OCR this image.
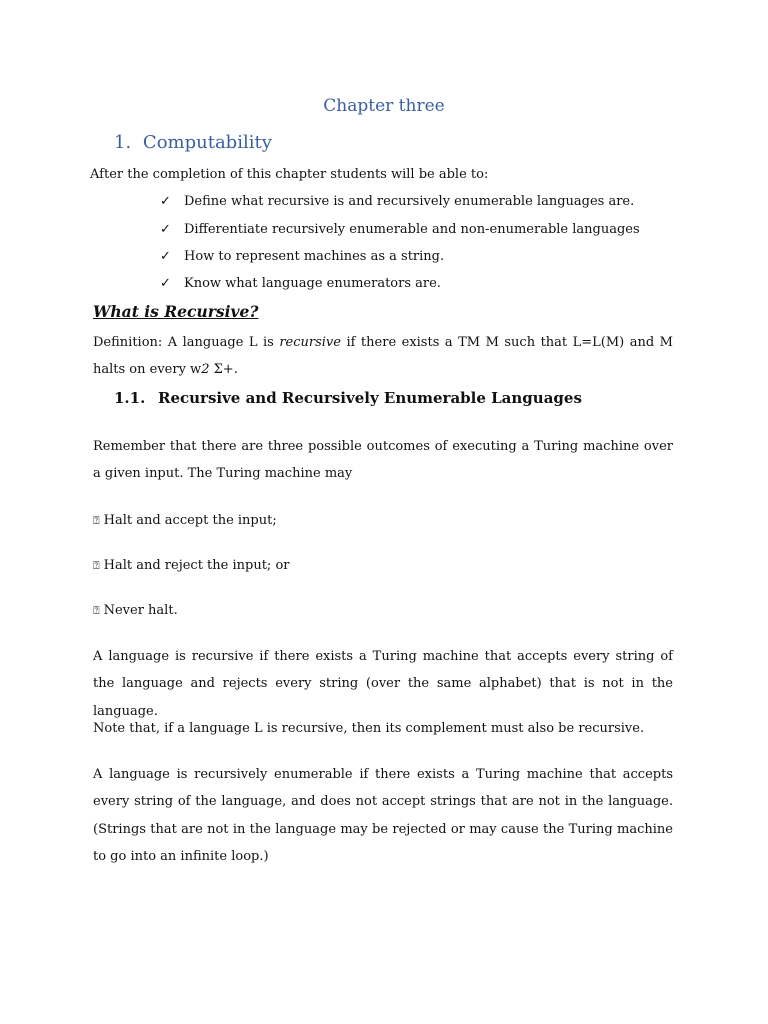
Chapter three
1. Computability
After the completion of this chapter students will be able to:
✓ Define what recursive is and recursively enumerable languages are.
✓ Differentiate recursively enumerable and non-enumerable languages
✓ How to represent machines as a string.
✓ Know what language enumerators are.
What is Recursive?
Definition: A language L is recursive if there exists a TM M such that L=L(M) and M halts on every w2 Σ+.
1.1. Recursive and Recursively Enumerable Languages
Remember that there are three possible outcomes of executing a Turing machine over a given input. The Turing machine may
⍰ Halt and accept the input;
⍰ Halt and reject the input; or
⍰ Never halt.
A language is recursive if there exists a Turing machine that accepts every string of the language and rejects every string (over the same alphabet) that is not in the language.
Note that, if a language L is recursive, then its complement must also be recursive.
A language is recursively enumerable if there exists a Turing machine that accepts every string of the language, and does not accept strings that are not in the language. (Strings that are not in the language may be rejected or may cause the Turing machine to go into an infinite loop.)
